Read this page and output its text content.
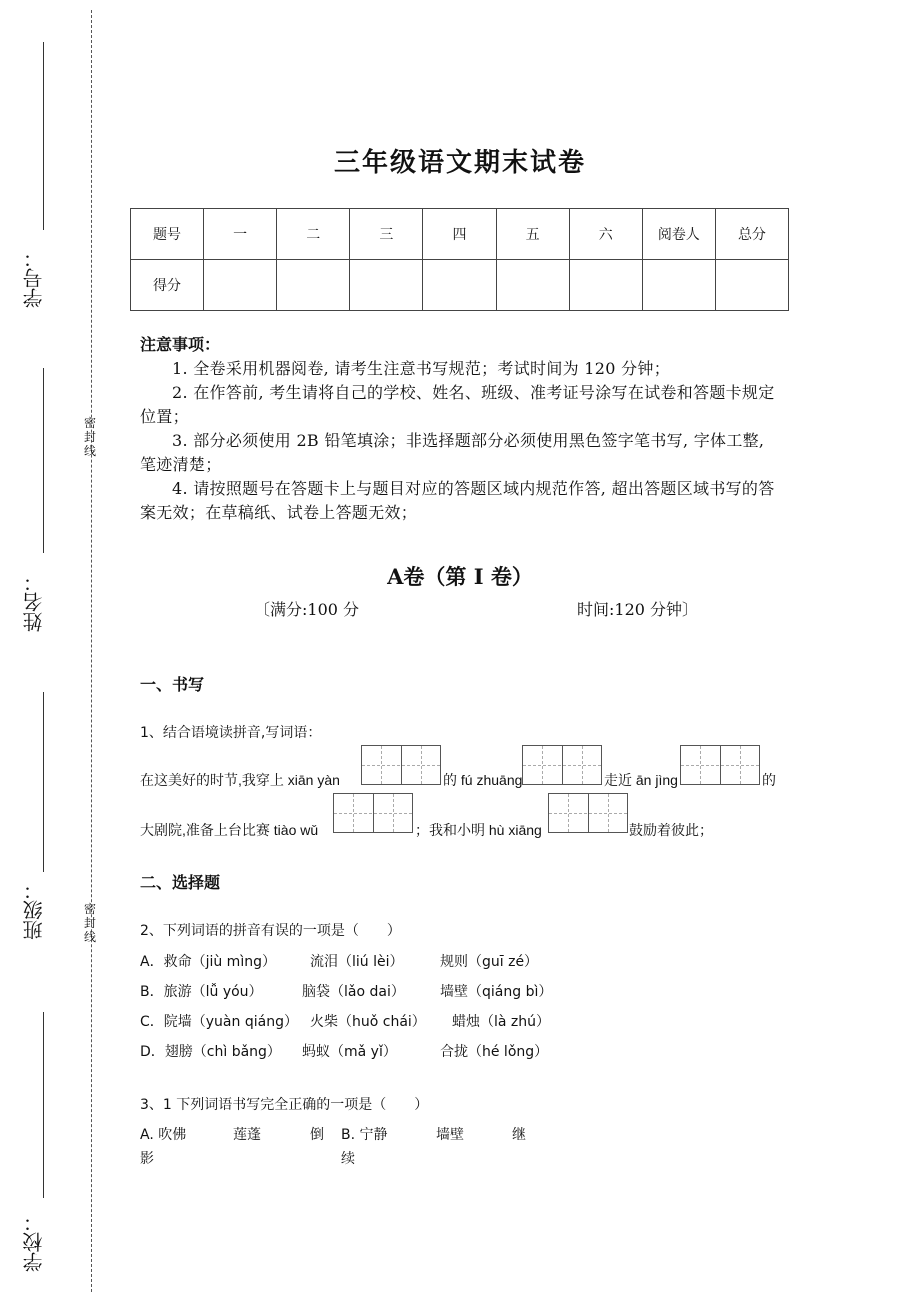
学号：
姓名：
班级：
学校：
密
封
线
密
封
线
三年级语文期末试卷
题号	一	二	三	四	五	六	阅卷人	总分
得分								
注意事项：
1. 全卷采用机器阅卷, 请考生注意书写规范；考试时间为 120 分钟；
2. 在作答前, 考生请将自己的学校、姓名、班级、准考证号涂写在试卷和答题卡规定位置；
3. 部分必须使用 2B 铅笔填涂；非选择题部分必须使用黑色签字笔书写, 字体工整, 笔迹清楚；
4. 请按照题号在答题卡上与题目对应的答题区域内规范作答, 超出答题区域书写的答案无效；在草稿纸、试卷上答题无效；
A卷（第 I 卷）
〔满分:100 分	时间:120 分钟〕
一、书写
1、结合语境读拼音,写词语：
在这美好的时节,我穿上 xiān yàn	的 fú zhuāng	走近 ān jìng	的
大剧院,准备上台比赛 tiào wǔ	；我和小明 hù xiāng	鼓励着彼此；
二、选择题
2、下列词语的拼音有误的一项是（　　）
A．救命（jiù mìng） 流泪（liú lèi）	规则（guī zé）
B．旅游（lǚ yóu）	脑袋（lǎo dai）	墙壁（qiáng bì）
C．院墙（yuàn qiáng） 火柴（huǒ chái） 蜡烛（là zhú）
D．翅膀（chì bǎng） 蚂蚁（mǎ yǐ）	合拢（hé lǒng）
3、1 下列词语书写完全正确的一项是（　　）
A. 吹佛	莲蓬	倒
影
B. 宁静	墙壁	继
续
